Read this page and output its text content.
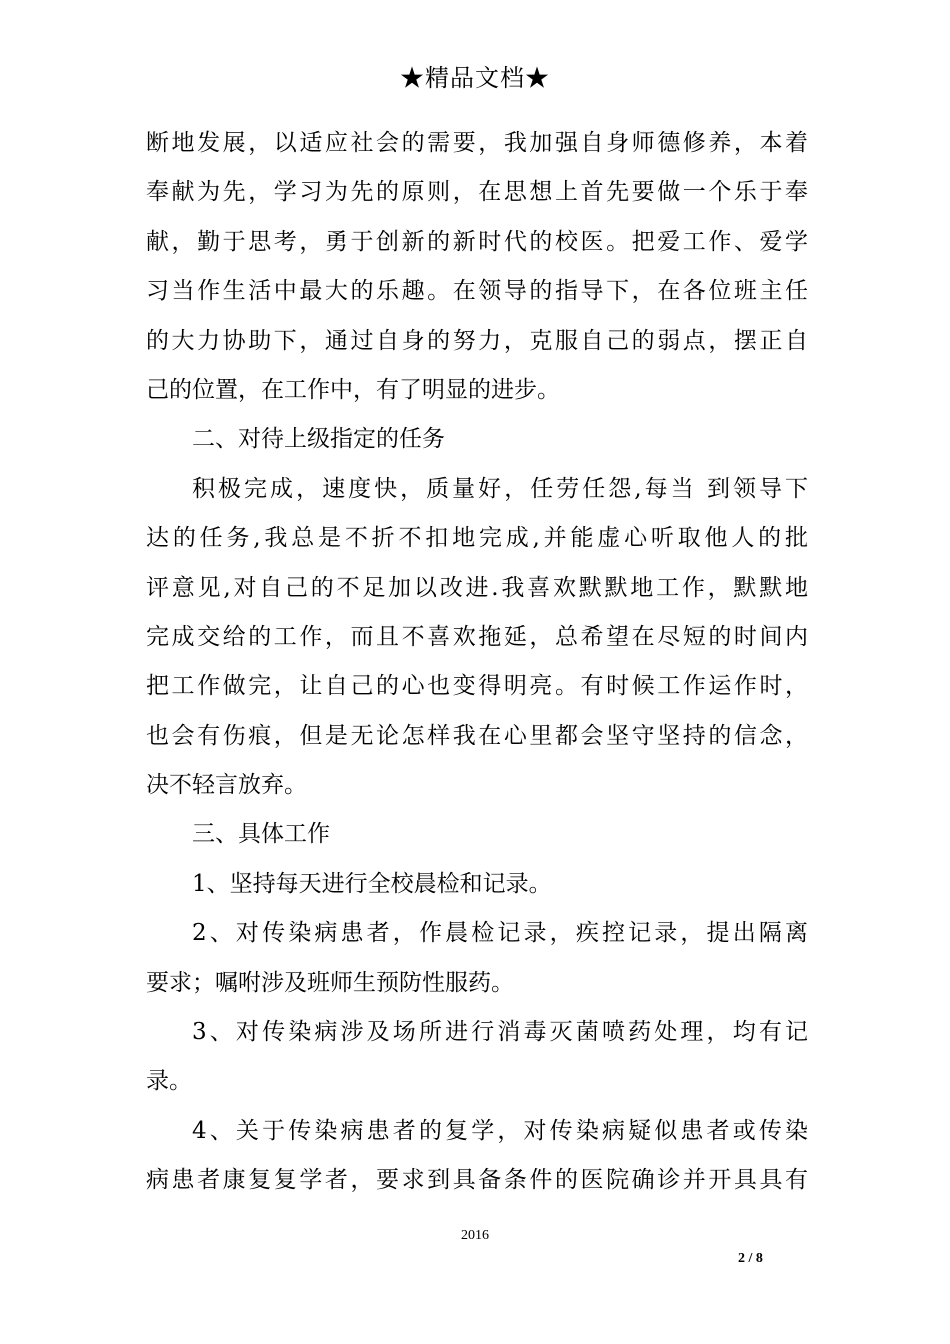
★精品文档★
断地发展，以适应社会的需要，我加强自身师德修养，本着
奉献为先，学习为先的原则，在思想上首先要做一个乐于奉
献，勤于思考，勇于创新的新时代的校医。把爱工作、爱学
习当作生活中最大的乐趣。在领导的指导下，在各位班主任
的大力协助下，通过自身的努力，克服自己的弱点，摆正自
己的位置，在工作中，有了明显的进步。
二、对待上级指定的任务
积极完成，速度快，质量好，任劳任怨,每当 到领导下
达的任务,我总是不折不扣地完成,并能虚心听取他人的批
评意见,对自己的不足加以改进.我喜欢默默地工作，默默地
完成交给的工作，而且不喜欢拖延，总希望在尽短的时间内
把工作做完，让自己的心也变得明亮。有时候工作运作时，
也会有伤痕，但是无论怎样我在心里都会坚守坚持的信念，
决不轻言放弃。
三、具体工作
1、坚持每天进行全校晨检和记录。
2、对传染病患者，作晨检记录，疾控记录，提出隔离
要求；嘱咐涉及班师生预防性服药。
3、对传染病涉及场所进行消毒灭菌喷药处理，均有记
录。
4、关于传染病患者的复学，对传染病疑似患者或传染
病患者康复复学者，要求到具备条件的医院确诊并开具具有
2016
2 / 8
